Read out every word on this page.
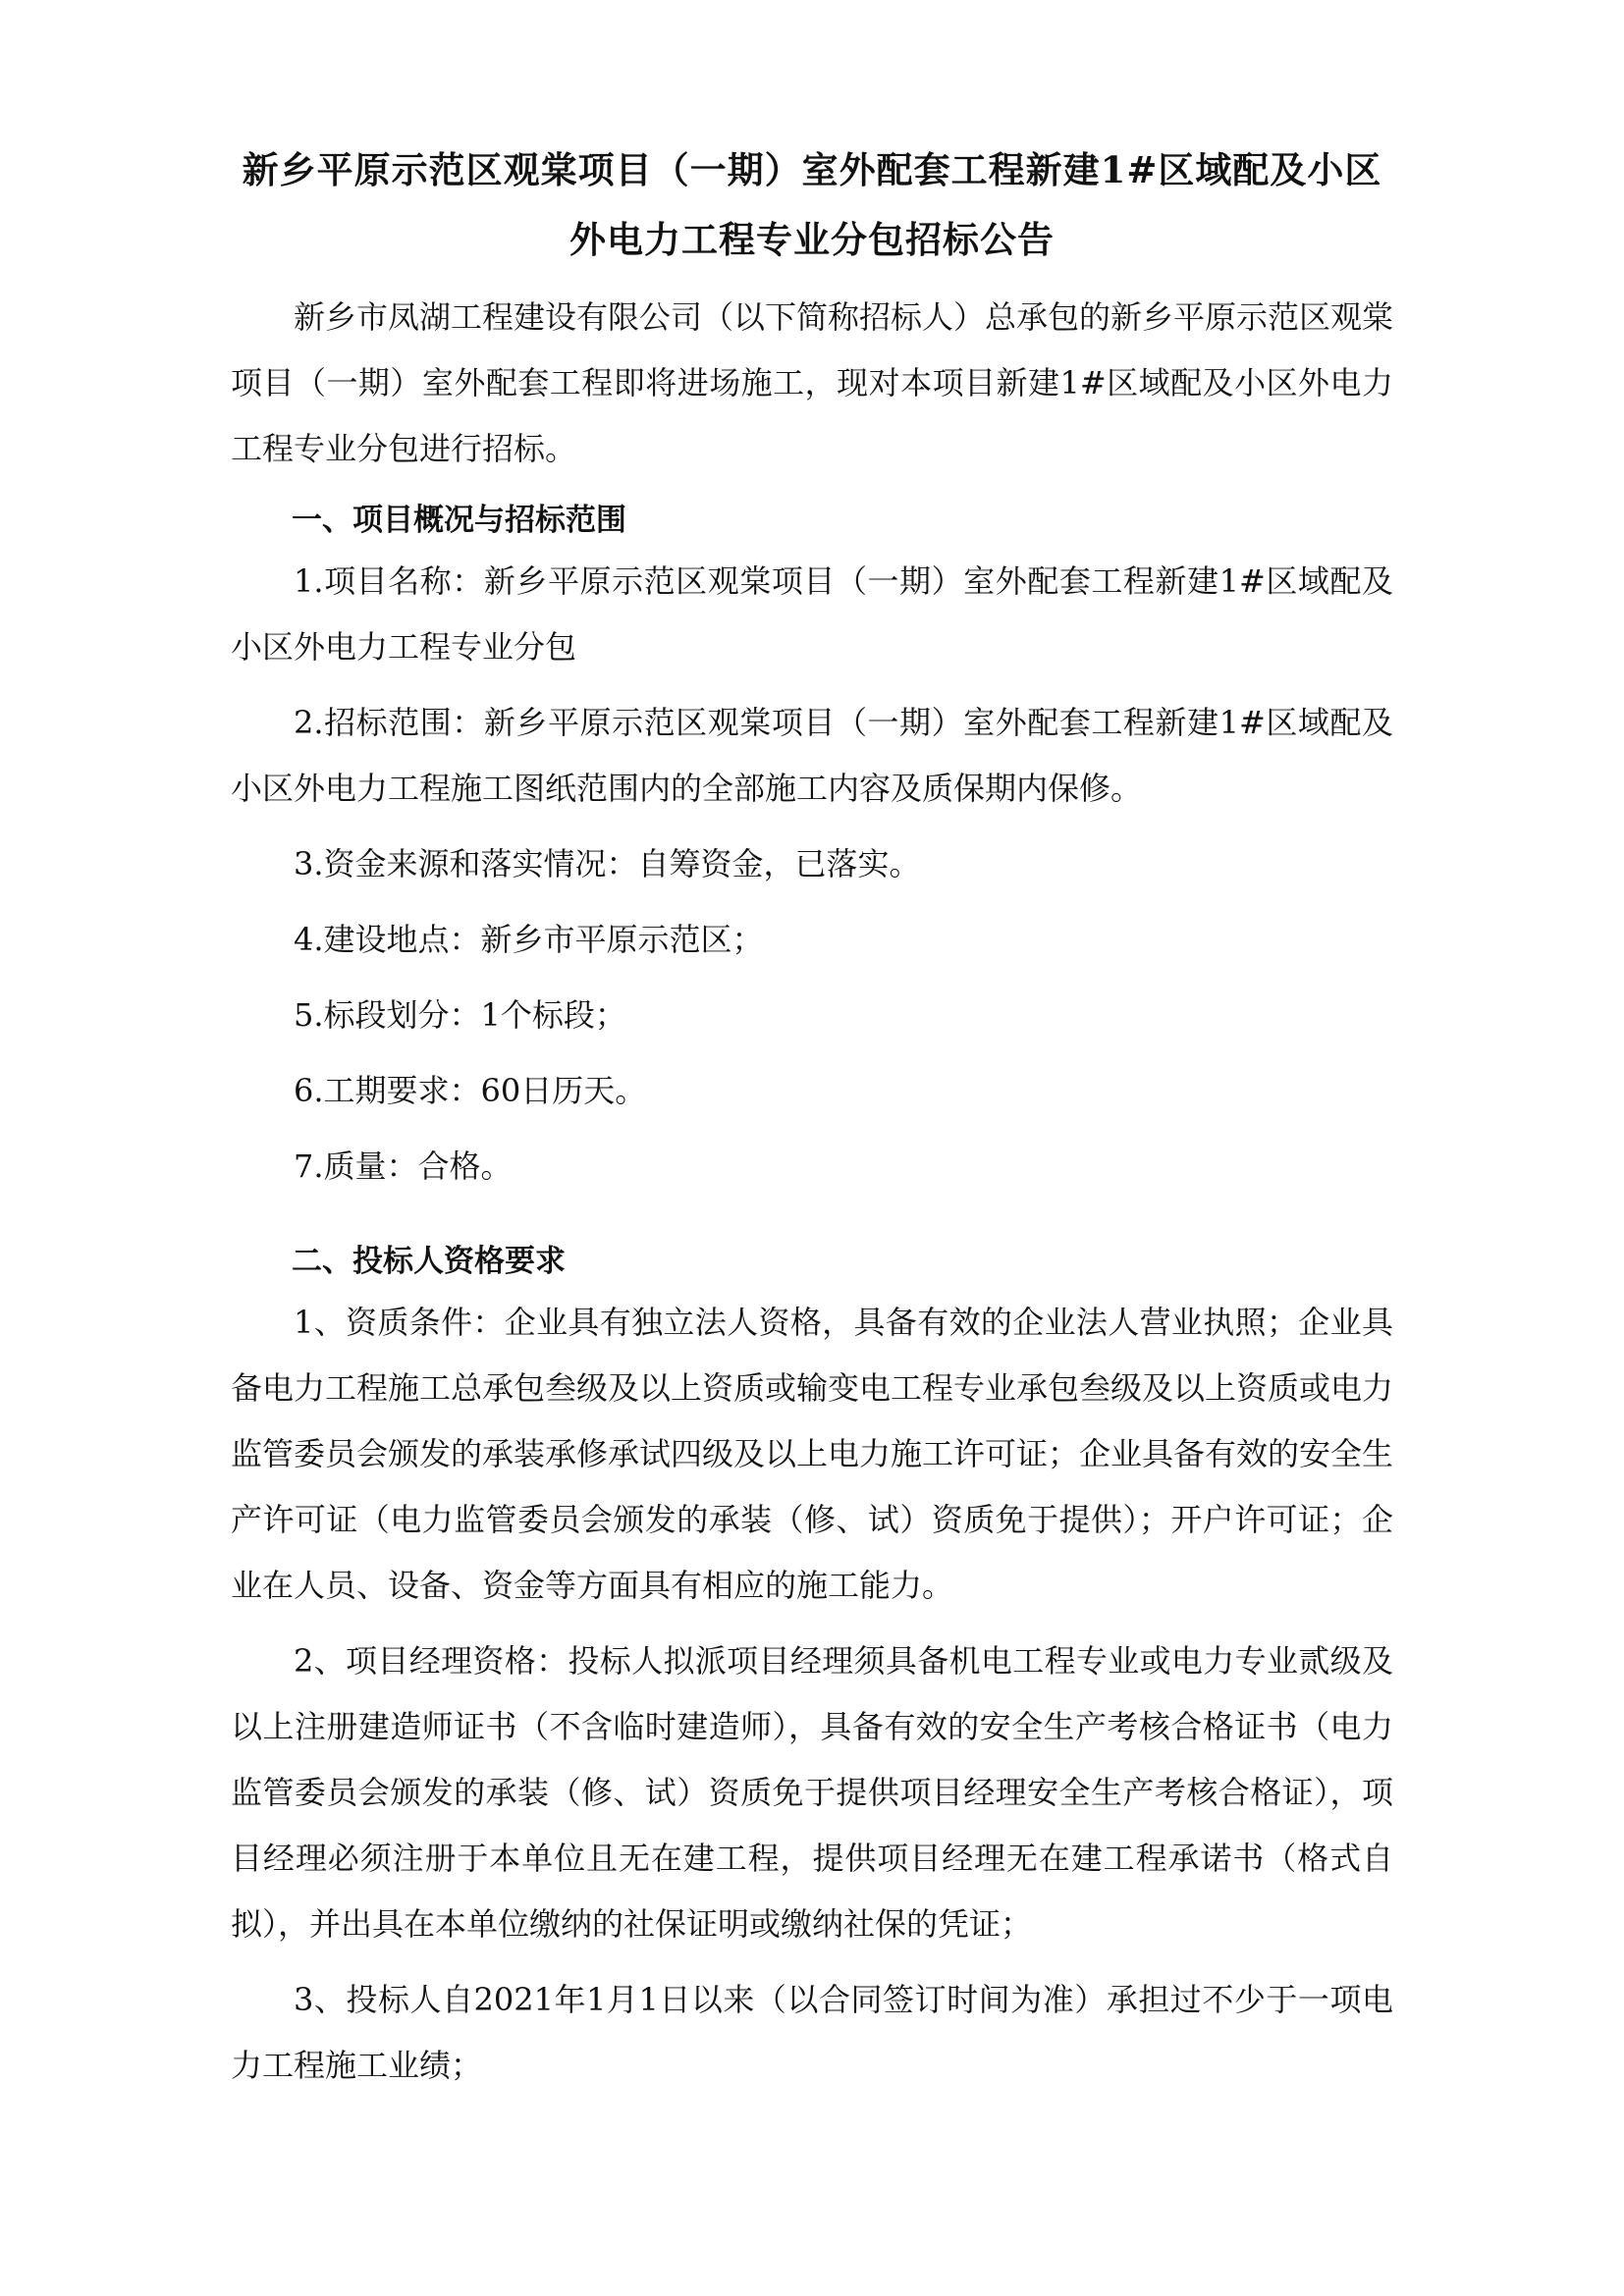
新乡平原示范区观棠项目（一期）室外配套工程新建1#区域配及小区
外电力工程专业分包招标公告

新乡市凤湖工程建设有限公司（以下简称招标人）总承包的新乡平原示范区观棠项目（一期）室外配套工程即将进场施工，现对本项目新建1#区域配及小区外电力工程专业分包进行招标。

一、项目概况与招标范围

1.项目名称：新乡平原示范区观棠项目（一期）室外配套工程新建1#区域配及小区外电力工程专业分包

2.招标范围：新乡平原示范区观棠项目（一期）室外配套工程新建1#区域配及小区外电力工程施工图纸范围内的全部施工内容及质保期内保修。

3.资金来源和落实情况：自筹资金，已落实。

4.建设地点：新乡市平原示范区；

5.标段划分：1个标段；

6.工期要求：60日历天。

7.质量：合格。

二、投标人资格要求

1、资质条件：企业具有独立法人资格，具备有效的企业法人营业执照；企业具备电力工程施工总承包叁级及以上资质或输变电工程专业承包叁级及以上资质或电力监管委员会颁发的承装承修承试四级及以上电力施工许可证；企业具备有效的安全生产许可证（电力监管委员会颁发的承装（修、试）资质免于提供）；开户许可证；企业在人员、设备、资金等方面具有相应的施工能力。

2、项目经理资格：投标人拟派项目经理须具备机电工程专业或电力专业贰级及以上注册建造师证书（不含临时建造师），具备有效的安全生产考核合格证书（电力监管委员会颁发的承装（修、试）资质免于提供项目经理安全生产考核合格证），项目经理必须注册于本单位且无在建工程，提供项目经理无在建工程承诺书（格式自拟），并出具在本单位缴纳的社保证明或缴纳社保的凭证；

3、投标人自2021年1月1日以来（以合同签订时间为准）承担过不少于一项电力工程施工业绩；
